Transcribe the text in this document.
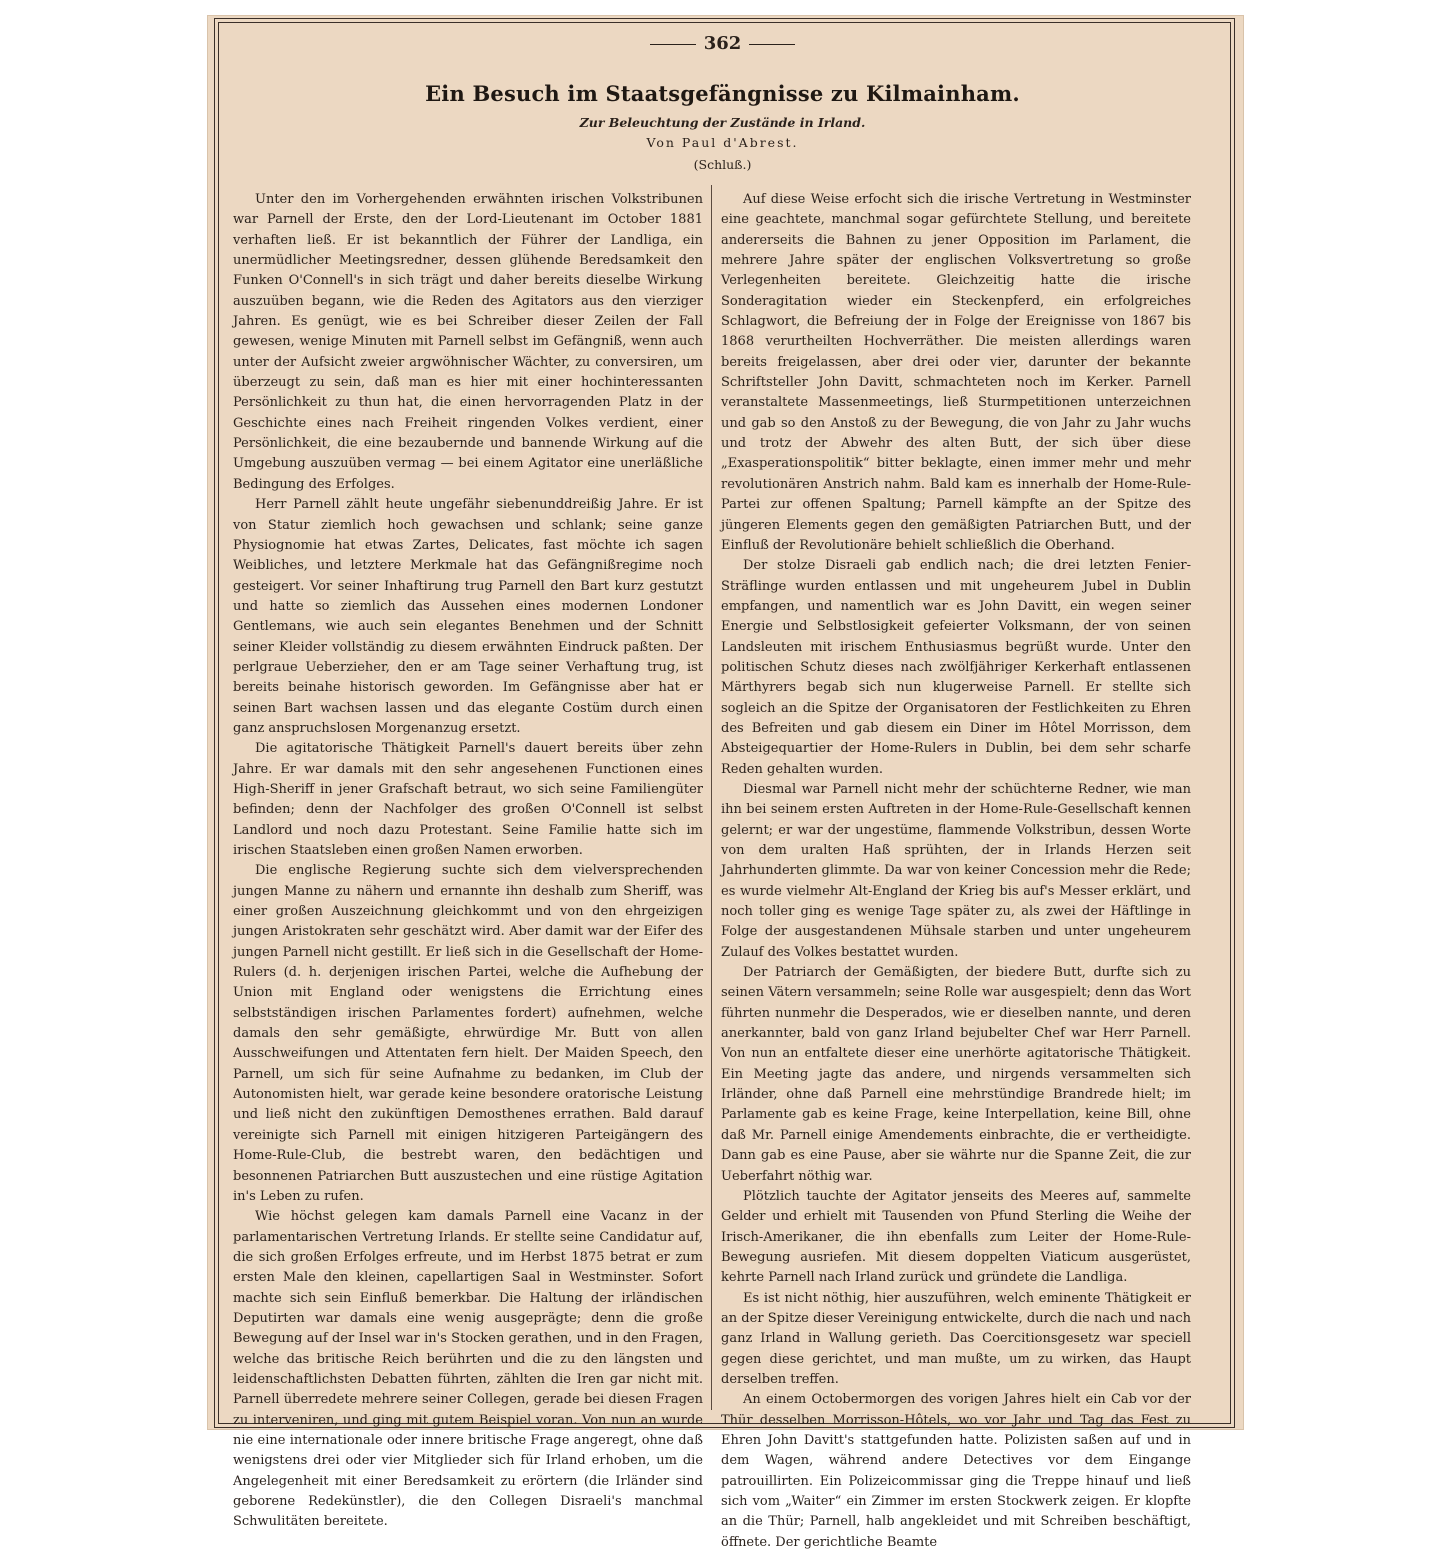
362
Ein Besuch im Staatsgefängnisse zu Kilmainham.
Zur Beleuchtung der Zustände in Irland.
Von Paul d'Abrest.
(Schluß.)

Unter den im Vorhergehenden erwähnten irischen Volkstribunen war Parnell der Erste, den der Lord-Lieutenant im October 1881 verhaften ließ. Er ist bekanntlich der Führer der Landliga, ein unermüdlicher Meetingsredner, dessen glühende Beredsamkeit den Funken O'Connell's in sich trägt und daher bereits dieselbe Wirkung auszuüben begann, wie die Reden des Agitators aus den vierziger Jahren. Es genügt, wie es bei Schreiber dieser Zeilen der Fall gewesen, wenige Minuten mit Parnell selbst im Gefängniß, wenn auch unter der Aufsicht zweier argwöhnischer Wächter, zu conversiren, um überzeugt zu sein, daß man es hier mit einer hochinteressanten Persönlichkeit zu thun hat, die einen hervorragenden Platz in der Geschichte eines nach Freiheit ringenden Volkes verdient, einer Persönlichkeit, die eine bezaubernde und bannende Wirkung auf die Umgebung auszuüben vermag — bei einem Agitator eine unerläßliche Bedingung des Erfolges.

Herr Parnell zählt heute ungefähr siebenunddreißig Jahre. Er ist von Statur ziemlich hoch gewachsen und schlank; seine ganze Physiognomie hat etwas Zartes, Delicates, fast möchte ich sagen Weibliches, und letztere Merkmale hat das Gefängnißregime noch gesteigert. Vor seiner Inhaftirung trug Parnell den Bart kurz gestutzt und hatte so ziemlich das Aussehen eines modernen Londoner Gentlemans, wie auch sein elegantes Benehmen und der Schnitt seiner Kleider vollständig zu diesem erwähnten Eindruck paßten. Der perlgraue Ueberzieher, den er am Tage seiner Verhaftung trug, ist bereits beinahe historisch geworden. Im Gefängnisse aber hat er seinen Bart wachsen lassen und das elegante Costüm durch einen ganz anspruchslosen Morgenanzug ersetzt.

Die agitatorische Thätigkeit Parnell's dauert bereits über zehn Jahre. Er war damals mit den sehr angesehenen Functionen eines High-Sheriff in jener Grafschaft betraut, wo sich seine Familiengüter befinden; denn der Nachfolger des großen O'Connell ist selbst Landlord und noch dazu Protestant. Seine Familie hatte sich im irischen Staatsleben einen großen Namen erworben.

Die englische Regierung suchte sich dem vielversprechenden jungen Manne zu nähern und ernannte ihn deshalb zum Sheriff, was einer großen Auszeichnung gleichkommt und von den ehrgeizigen jungen Aristokraten sehr geschätzt wird. Aber damit war der Eifer des jungen Parnell nicht gestillt. Er ließ sich in die Gesellschaft der Home-Rulers (d. h. derjenigen irischen Partei, welche die Aufhebung der Union mit England oder wenigstens die Errichtung eines selbstständigen irischen Parlamentes fordert) aufnehmen, welche damals den sehr gemäßigte, ehrwürdige Mr. Butt von allen Ausschweifungen und Attentaten fern hielt. Der Maiden Speech, den Parnell, um sich für seine Aufnahme zu bedanken, im Club der Autonomisten hielt, war gerade keine besondere oratorische Leistung und ließ nicht den zukünftigen Demosthenes errathen. Bald darauf vereinigte sich Parnell mit einigen hitzigeren Parteigängern des Home-Rule-Club, die bestrebt waren, den bedächtigen und besonnenen Patriarchen Butt auszustechen und eine rüstige Agitation in's Leben zu rufen.

Wie höchst gelegen kam damals Parnell eine Vacanz in der parlamentarischen Vertretung Irlands. Er stellte seine Candidatur auf, die sich großen Erfolges erfreute, und im Herbst 1875 betrat er zum ersten Male den kleinen, capellartigen Saal in Westminster. Sofort machte sich sein Einfluß bemerkbar. Die Haltung der irländischen Deputirten war damals eine wenig ausgeprägte; denn die große Bewegung auf der Insel war in's Stocken gerathen, und in den Fragen, welche das britische Reich berührten und die zu den längsten und leidenschaftlichsten Debatten führten, zählten die Iren gar nicht mit. Parnell überredete mehrere seiner Collegen, gerade bei diesen Fragen zu interveniren, und ging mit gutem Beispiel voran. Von nun an wurde nie eine internationale oder innere britische Frage angeregt, ohne daß wenigstens drei oder vier Mitglieder sich für Irland erhoben, um die Angelegenheit mit einer Beredsamkeit zu erörtern (die Irländer sind geborene Redekünstler), die den Collegen Disraeli's manchmal Schwulitäten bereitete.

Auf diese Weise erfocht sich die irische Vertretung in Westminster eine geachtete, manchmal sogar gefürchtete Stellung, und bereitete andererseits die Bahnen zu jener Opposition im Parlament, die mehrere Jahre später der englischen Volksvertretung so große Verlegenheiten bereitete. Gleichzeitig hatte die irische Sonderagitation wieder ein Steckenpferd, ein erfolgreiches Schlagwort, die Befreiung der in Folge der Ereignisse von 1867 bis 1868 verurtheilten Hochverräther. Die meisten allerdings waren bereits freigelassen, aber drei oder vier, darunter der bekannte Schriftsteller John Davitt, schmachteten noch im Kerker. Parnell veranstaltete Massenmeetings, ließ Sturmpetitionen unterzeichnen und gab so den Anstoß zu der Bewegung, die von Jahr zu Jahr wuchs und trotz der Abwehr des alten Butt, der sich über diese „Exasperationspolitik“ bitter beklagte, einen immer mehr und mehr revolutionären Anstrich nahm. Bald kam es innerhalb der Home-Rule-Partei zur offenen Spaltung; Parnell kämpfte an der Spitze des jüngeren Elements gegen den gemäßigten Patriarchen Butt, und der Einfluß der Revolutionäre behielt schließlich die Oberhand.

Der stolze Disraeli gab endlich nach; die drei letzten Fenier-Sträflinge wurden entlassen und mit ungeheurem Jubel in Dublin empfangen, und namentlich war es John Davitt, ein wegen seiner Energie und Selbstlosigkeit gefeierter Volksmann, der von seinen Landsleuten mit irischem Enthusiasmus begrüßt wurde. Unter den politischen Schutz dieses nach zwölfjähriger Kerkerhaft entlassenen Märthyrers begab sich nun klugerweise Parnell. Er stellte sich sogleich an die Spitze der Organisatoren der Festlichkeiten zu Ehren des Befreiten und gab diesem ein Diner im Hôtel Morrisson, dem Absteigequartier der Home-Rulers in Dublin, bei dem sehr scharfe Reden gehalten wurden.

Diesmal war Parnell nicht mehr der schüchterne Redner, wie man ihn bei seinem ersten Auftreten in der Home-Rule-Gesellschaft kennen gelernt; er war der ungestüme, flammende Volkstribun, dessen Worte von dem uralten Haß sprühten, der in Irlands Herzen seit Jahrhunderten glimmte. Da war von keiner Concession mehr die Rede; es wurde vielmehr Alt-England der Krieg bis auf's Messer erklärt, und noch toller ging es wenige Tage später zu, als zwei der Häftlinge in Folge der ausgestandenen Mühsale starben und unter ungeheurem Zulauf des Volkes bestattet wurden.

Der Patriarch der Gemäßigten, der biedere Butt, durfte sich zu seinen Vätern versammeln; seine Rolle war ausgespielt; denn das Wort führten nunmehr die Desperados, wie er dieselben nannte, und deren anerkannter, bald von ganz Irland bejubelter Chef war Herr Parnell. Von nun an entfaltete dieser eine unerhörte agitatorische Thätigkeit. Ein Meeting jagte das andere, und nirgends versammelten sich Irländer, ohne daß Parnell eine mehrstündige Brandrede hielt; im Parlamente gab es keine Frage, keine Interpellation, keine Bill, ohne daß Mr. Parnell einige Amendements einbrachte, die er vertheidigte. Dann gab es eine Pause, aber sie währte nur die Spanne Zeit, die zur Ueberfahrt nöthig war.

Plötzlich tauchte der Agitator jenseits des Meeres auf, sammelte Gelder und erhielt mit Tausenden von Pfund Sterling die Weihe der Irisch-Amerikaner, die ihn ebenfalls zum Leiter der Home-Rule-Bewegung ausriefen. Mit diesem doppelten Viaticum ausgerüstet, kehrte Parnell nach Irland zurück und gründete die Landliga.

Es ist nicht nöthig, hier auszuführen, welch eminente Thätigkeit er an der Spitze dieser Vereinigung entwickelte, durch die nach und nach ganz Irland in Wallung gerieth. Das Coercitionsgesetz war speciell gegen diese gerichtet, und man mußte, um zu wirken, das Haupt derselben treffen.

An einem Octobermorgen des vorigen Jahres hielt ein Cab vor der Thür desselben Morrisson-Hôtels, wo vor Jahr und Tag das Fest zu Ehren John Davitt's stattgefunden hatte. Polizisten saßen auf und in dem Wagen, während andere Detectives vor dem Eingange patrouillirten. Ein Polizeicommissar ging die Treppe hinauf und ließ sich vom „Waiter“ ein Zimmer im ersten Stockwerk zeigen. Er klopfte an die Thür; Parnell, halb angekleidet und mit Schreiben beschäftigt, öffnete. Der gerichtliche Beamte
